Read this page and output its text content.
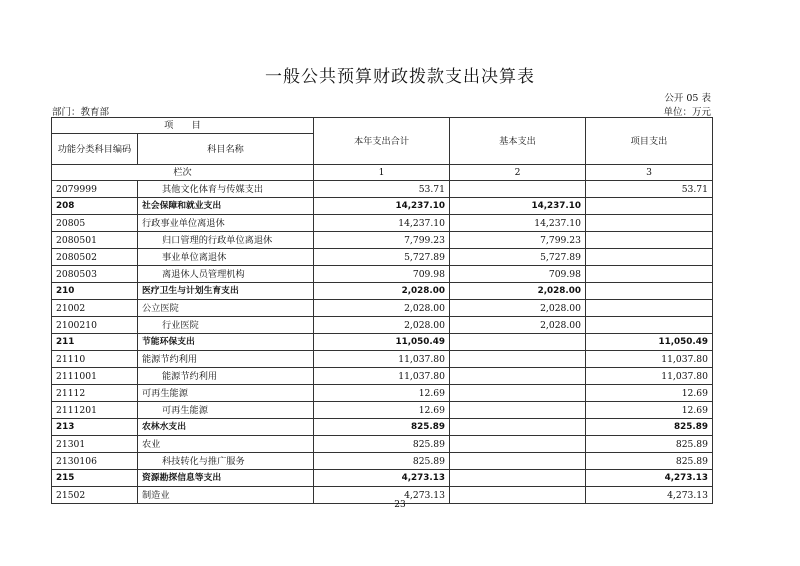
一般公共预算财政拨款支出决算表
公开 05 表
部门：教育部	单位：万元
项　　目		本年支出合计	基本支出	项目支出
功能分类科目编码	科目名称			
栏次		1	2	3
2079999	其他文化体育与传媒支出	53.71		53.71
208	社会保障和就业支出	14,237.10	14,237.10	
20805	行政事业单位离退休	14,237.10	14,237.10	
2080501	归口管理的行政单位离退休	7,799.23	7,799.23	
2080502	事业单位离退休	5,727.89	5,727.89	
2080503	离退休人员管理机构	709.98	709.98	
210	医疗卫生与计划生育支出	2,028.00	2,028.00	
21002	公立医院	2,028.00	2,028.00	
2100210	行业医院	2,028.00	2,028.00	
211	节能环保支出	11,050.49		11,050.49
21110	能源节约利用	11,037.80		11,037.80
2111001	能源节约利用	11,037.80		11,037.80
21112	可再生能源	12.69		12.69
2111201	可再生能源	12.69		12.69
213	农林水支出	825.89		825.89
21301	农业	825.89		825.89
2130106	科技转化与推广服务	825.89		825.89
215	资源勘探信息等支出	4,273.13		4,273.13
21502	制造业	4,273.13		4,273.13
23
